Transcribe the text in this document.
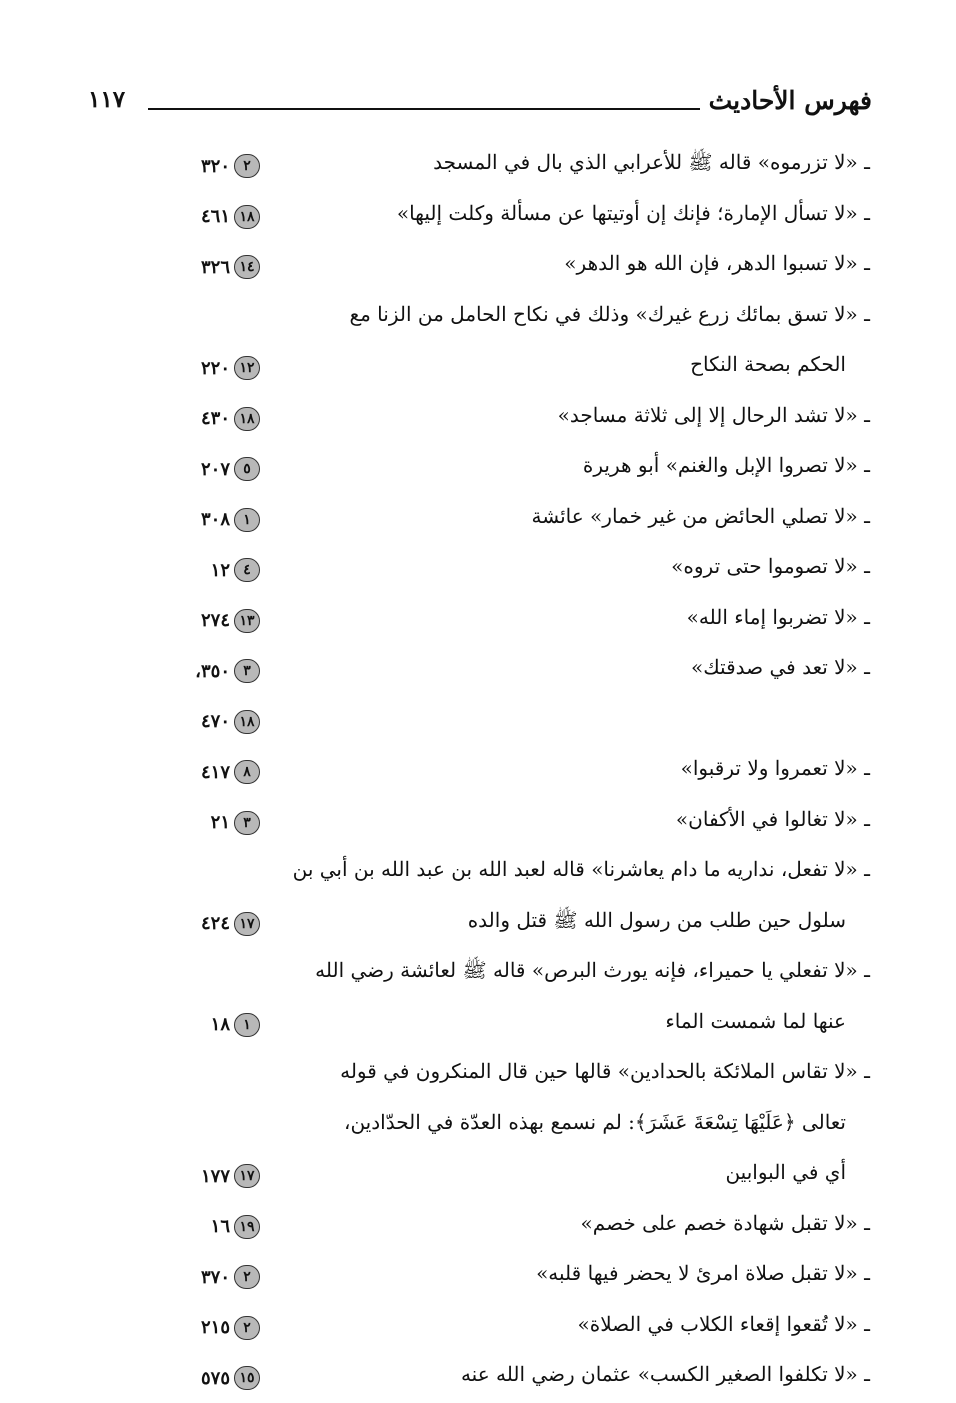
فهرس الأحاديث
١١٧
ـ «لا تزرموه» قاله ﷺ للأعرابي الذي بال في المسجد
٢
٣٢٠
ـ «لا تسأل الإمارة؛ فإنك إن أوتيتها عن مسألة وكلت إليها»
١٨
٤٦١
ـ «لا تسبوا الدهر، فإن الله هو الدهر»
١٤
٣٢٦
ـ «لا تسق بمائك زرع غيرك» وذلك في نكاح الحامل من الزنا مع
الحكم بصحة النكاح
١٢
٢٢٠
ـ «لا تشد الرحال إلا إلى ثلاثة مساجد»
١٨
٤٣٠
ـ «لا تصروا الإبل والغنم» أبو هريرة
٥
٢٠٧
ـ «لا تصلي الحائض من غير خمار» عائشة
١
٣٠٨
ـ «لا تصوموا حتى تروه»
٤
١٢
ـ «لا تضربوا إماء الله»
١٣
٢٧٤
ـ «لا تعد في صدقتك»
٣
٣٥٠،
١٨
٤٧٠
ـ «لا تعمروا ولا ترقبوا»
٨
٤١٧
ـ «لا تغالوا في الأكفان»
٣
٢١
ـ «لا تفعل، نداريه ما دام يعاشرنا» قاله لعبد الله بن عبد الله بن أبي بن
سلول حين طلب من رسول الله ﷺ قتل والده
١٧
٤٢٤
ـ «لا تفعلي يا حميراء، فإنه يورث البرص» قاله ﷺ لعائشة رضي الله
عنها لما شمست الماء
١
١٨
ـ «لا تقاس الملائكة بالحدادين» قالها حين قال المنكرون في قوله
تعالى ﴿عَلَيْهَا تِسْعَةَ عَشَرَ﴾: لم نسمع بهذه العدّة في الحدّادين،
أي في البوابين
١٧
١٧٧
ـ «لا تقبل شهادة خصم على خصم»
١٩
١٦
ـ «لا تقبل صلاة امرئ لا يحضر فيها قلبه»
٢
٣٧٠
ـ «لا تُقعوا إقعاء الكلاب في الصلاة»
٢
٢١٥
ـ «لا تكلفوا الصغير الكسب» عثمان رضي الله عنه
١٥
٥٧٥
